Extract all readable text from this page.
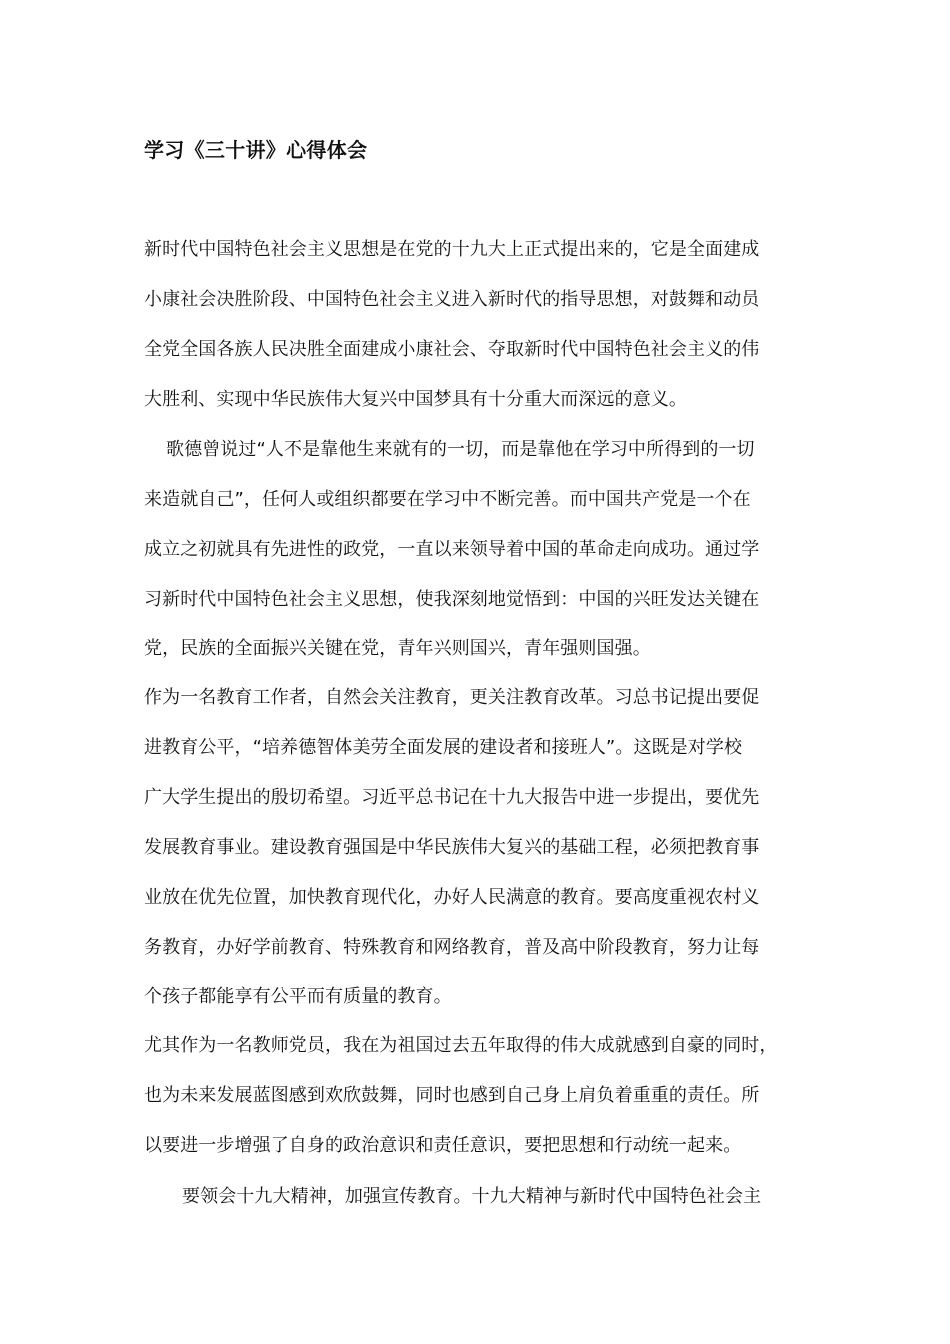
学习《三十讲》心得体会

新时代中国特色社会主义思想是在党的十九大上正式提出来的，它是全面建成

小康社会决胜阶段、中国特色社会主义进入新时代的指导思想，对鼓舞和动员

全党全国各族人民决胜全面建成小康社会、夺取新时代中国特色社会主义的伟

大胜利、实现中华民族伟大复兴中国梦具有十分重大而深远的意义。

歌德曾说过“人不是靠他生来就有的一切，而是靠他在学习中所得到的一切

来造就自己”，任何人或组织都要在学习中不断完善。而中国共产党是一个在

成立之初就具有先进性的政党，一直以来领导着中国的革命走向成功。通过学

习新时代中国特色社会主义思想，使我深刻地觉悟到：中国的兴旺发达关键在

党，民族的全面振兴关键在党，青年兴则国兴，青年强则国强。

作为一名教育工作者，自然会关注教育，更关注教育改革。习总书记提出要促

进教育公平，“培养德智体美劳全面发展的建设者和接班人”。这既是对学校

广大学生提出的殷切希望。习近平总书记在十九大报告中进一步提出，要优先

发展教育事业。建设教育强国是中华民族伟大复兴的基础工程，必须把教育事

业放在优先位置，加快教育现代化，办好人民满意的教育。要高度重视农村义

务教育，办好学前教育、特殊教育和网络教育，普及高中阶段教育，努力让每

个孩子都能享有公平而有质量的教育。

尤其作为一名教师党员，我在为祖国过去五年取得的伟大成就感到自豪的同时，

也为未来发展蓝图感到欢欣鼓舞，同时也感到自己身上肩负着重重的责任。所

以要进一步增强了自身的政治意识和责任意识，要把思想和行动统一起来。

要领会十九大精神，加强宣传教育。十九大精神与新时代中国特色社会主
